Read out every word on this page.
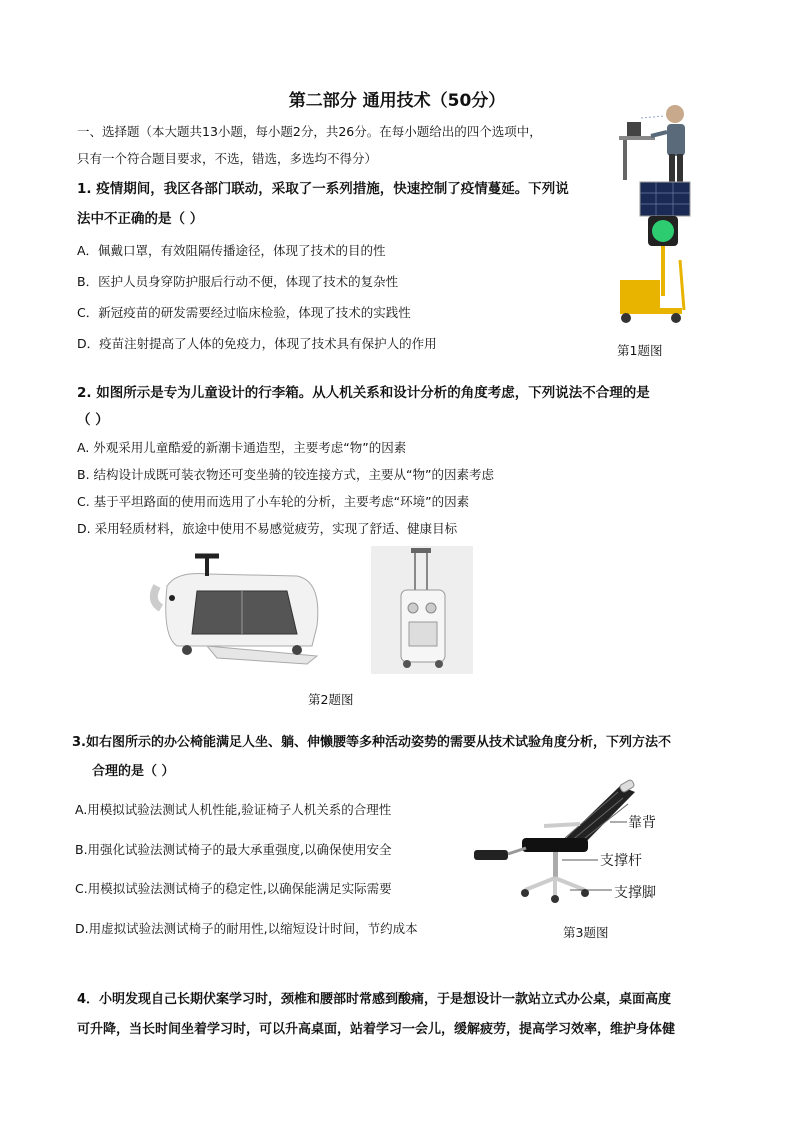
第二部分 通用技术（50分）
一、选择题（本大题共13小题，每小题2分，共26分。在每小题给出的四个选项中，
只有一个符合题目要求，不选，错选，多选均不得分）
1. 疫情期间，我区各部门联动，采取了一系列措施，快速控制了疫情蔓延。下列说
法中不正确的是（ ）
A．佩戴口罩，有效阻隔传播途径，体现了技术的目的性
B．医护人员身穿防护服后行动不便，体现了技术的复杂性
C．新冠疫苗的研发需要经过临床检验，体现了技术的实践性
D．疫苗注射提高了人体的免疫力，体现了技术具有保护人的作用	第1题图
2. 如图所示是专为儿童设计的行李箱。从人机关系和设计分析的角度考虑，下列说法不合理的是
（ ）
A. 外观采用儿童酷爱的新潮卡通造型，主要考虑“物”的因素
B. 结构设计成既可装衣物还可变坐骑的铰连接方式，主要从“物”的因素考虑
C. 基于平坦路面的使用而选用了小车轮的分析，主要考虑“环境”的因素
D. 采用轻质材料，旅途中使用不易感觉疲劳，实现了舒适、健康目标
第2题图
3.如右图所示的办公椅能满足人坐、躺、伸懒腰等多种活动姿势的需要从技术试验角度分析，下列方法不
合理的是（ ）
A.用模拟试验法测试人机性能,验证椅子人机关系的合理性
B.用强化试验法测试椅子的最大承重强度,以确保使用安全
C.用模拟试验法测试椅子的稳定性,以确保能满足实际需要
D.用虚拟试验法测试椅子的耐用性,以缩短设计时间，节约成本
靠背
支撑杆
支撑脚
第3题图
4．小明发现自己长期伏案学习时，颈椎和腰部时常感到酸痛，于是想设计一款站立式办公桌，桌面高度
可升降，当长时间坐着学习时，可以升高桌面，站着学习一会儿，缓解疲劳，提高学习效率，维护身体健
